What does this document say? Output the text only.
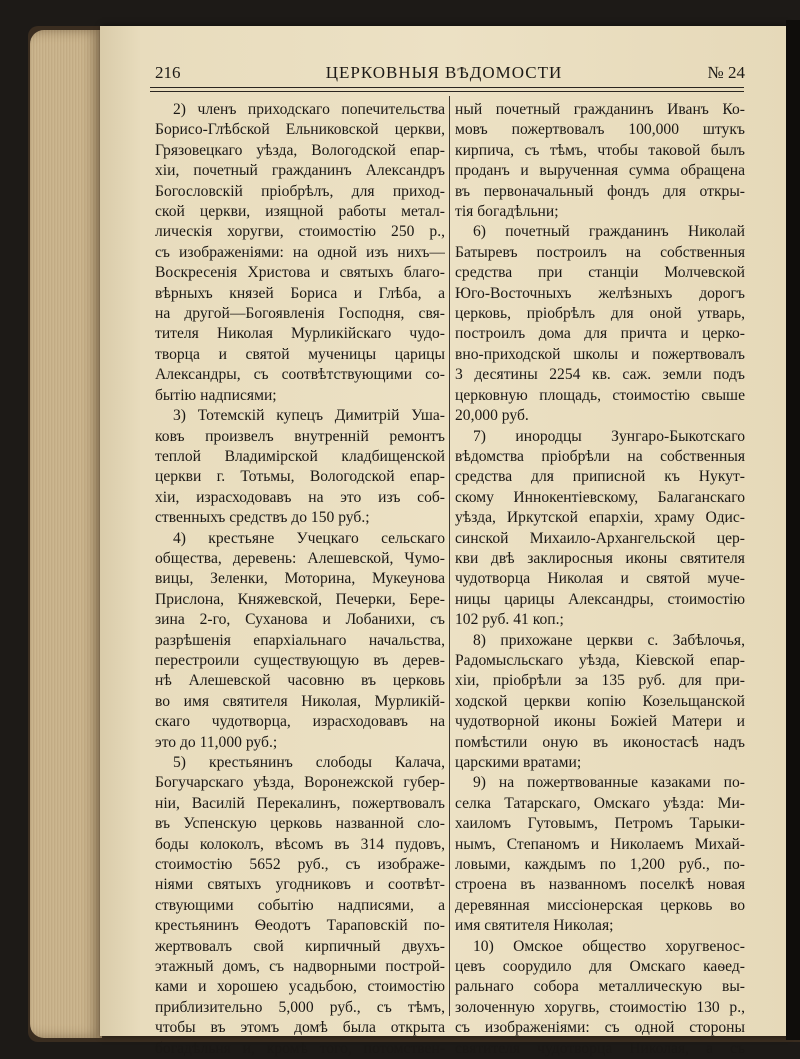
216	ЦЕРКОВНЫЯ ВѢДОМОСТИ	№ 24
2) членъ приходскаго попечительства
Борисо-Глѣбской Ельниковской церкви,
Грязовецкаго уѣзда, Вологодской епар-
хіи, почетный гражданинъ Александръ
Богословскій пріобрѣлъ, для приход-
ской церкви, изящной работы метал-
лическія хоругви, стоимостію 250 р.,
съ изображеніями: на одной изъ нихъ—
Воскресенія Христова и святыхъ благо-
вѣрныхъ князей Бориса и Глѣба, а
на другой—Богоявленія Господня, свя-
тителя Николая Мурликійскаго чудо-
творца и святой мученицы царицы
Александры, съ соотвѣтствующими со-
бытію надписями;
3) Тотемскій купецъ Димитрій Уша-
ковъ произвелъ внутренній ремонтъ
теплой Владимірской кладбищенской
церкви г. Тотьмы, Вологодской епар-
хіи, израсходовавъ на это изъ соб-
ственныхъ средствъ до 150 руб.;
4) крестьяне Учецкаго сельскаго
общества, деревень: Алешевской, Чумо-
вицы, Зеленки, Моторина, Мукеунова
Прислона, Княжевской, Печерки, Бере-
зина 2-го, Суханова и Лобанихи, съ
разрѣшенія епархіальнаго начальства,
перестроили существующую въ дерев-
нѣ Алешевской часовню въ церковь
во имя святителя Николая, Мурликій-
скаго чудотворца, израсходовавъ на
это до 11,000 руб.;
5) крестьянинъ слободы Калача,
Богучарскаго уѣзда, Воронежской губер-
ніи, Василій Перекалинъ, пожертвовалъ
въ Успенскую церковь названной сло-
боды колоколъ, вѣсомъ въ 314 пудовъ,
стоимостію 5652 руб., съ изображе-
ніями святыхъ угодниковъ и соотвѣт-
ствующими событію надписями, а
крестьянинъ Ѳеодотъ Тараповскій по-
жертвовалъ свой кирпичный двухъ-
этажный домъ, съ надворными построй-
ками и хорошею усадьбою, стоимостію
приблизительно 5,000 руб., съ тѣмъ,
чтобы въ этомъ домѣ была открыта
богадѣльня и, кромѣ того, потомствен-
ный почетный гражданинъ Иванъ Ко-
мовъ пожертвовалъ 100,000 штукъ
кирпича, съ тѣмъ, чтобы таковой былъ
проданъ и вырученная сумма обращена
въ первоначальный фондъ для откры-
тія богадѣльни;
6) почетный гражданинъ Николай
Батыревъ построилъ на собственныя
средства при станціи Молчевской
Юго-Восточныхъ желѣзныхъ дорогъ
церковь, пріобрѣлъ для оной утварь,
построилъ дома для причта и церко-
вно-приходской школы и пожертвовалъ
3 десятины 2254 кв. саж. земли подъ
церковную площадь, стоимостію свыше
20,000 руб.
7) инородцы Зунгаро-Быкотскаго
вѣдомства пріобрѣли на собственныя
средства для приписной къ Нукут-
скому Иннокентіевскому, Балаганскаго
уѣзда, Иркутской епархіи, храму Одис-
синской Михаило-Архангельской цер-
кви двѣ заклиросныя иконы святителя
чудотворца Николая и святой муче-
ницы царицы Александры, стоимостію
102 руб. 41 коп.;
8) прихожане церкви с. Забѣлочья,
Радомысльскаго уѣзда, Кіевской епар-
хіи, пріобрѣли за 135 руб. для при-
ходской церкви копію Козельщанской
чудотворной иконы Божіей Матери и
помѣстили оную въ иконостасѣ надъ
царскими вратами;
9) на пожертвованные казаками по-
селка Татарскаго, Омскаго уѣзда: Ми-
хаиломъ Гутовымъ, Петромъ Тарыки-
нымъ, Степаномъ и Николаемъ Михай-
ловыми, каждымъ по 1,200 руб., по-
строена въ названномъ поселкѣ новая
деревянная миссіонерская церковь во
имя святителя Николая;
10) Омское общество хоругвенос-
цевъ соорудило для Омскаго каѳед-
ральнаго собора металлическую вы-
золоченную хоругвь, стоимостію 130 р.,
съ изображеніями: съ одной стороны
святителя чудотворца Николая, а съ
